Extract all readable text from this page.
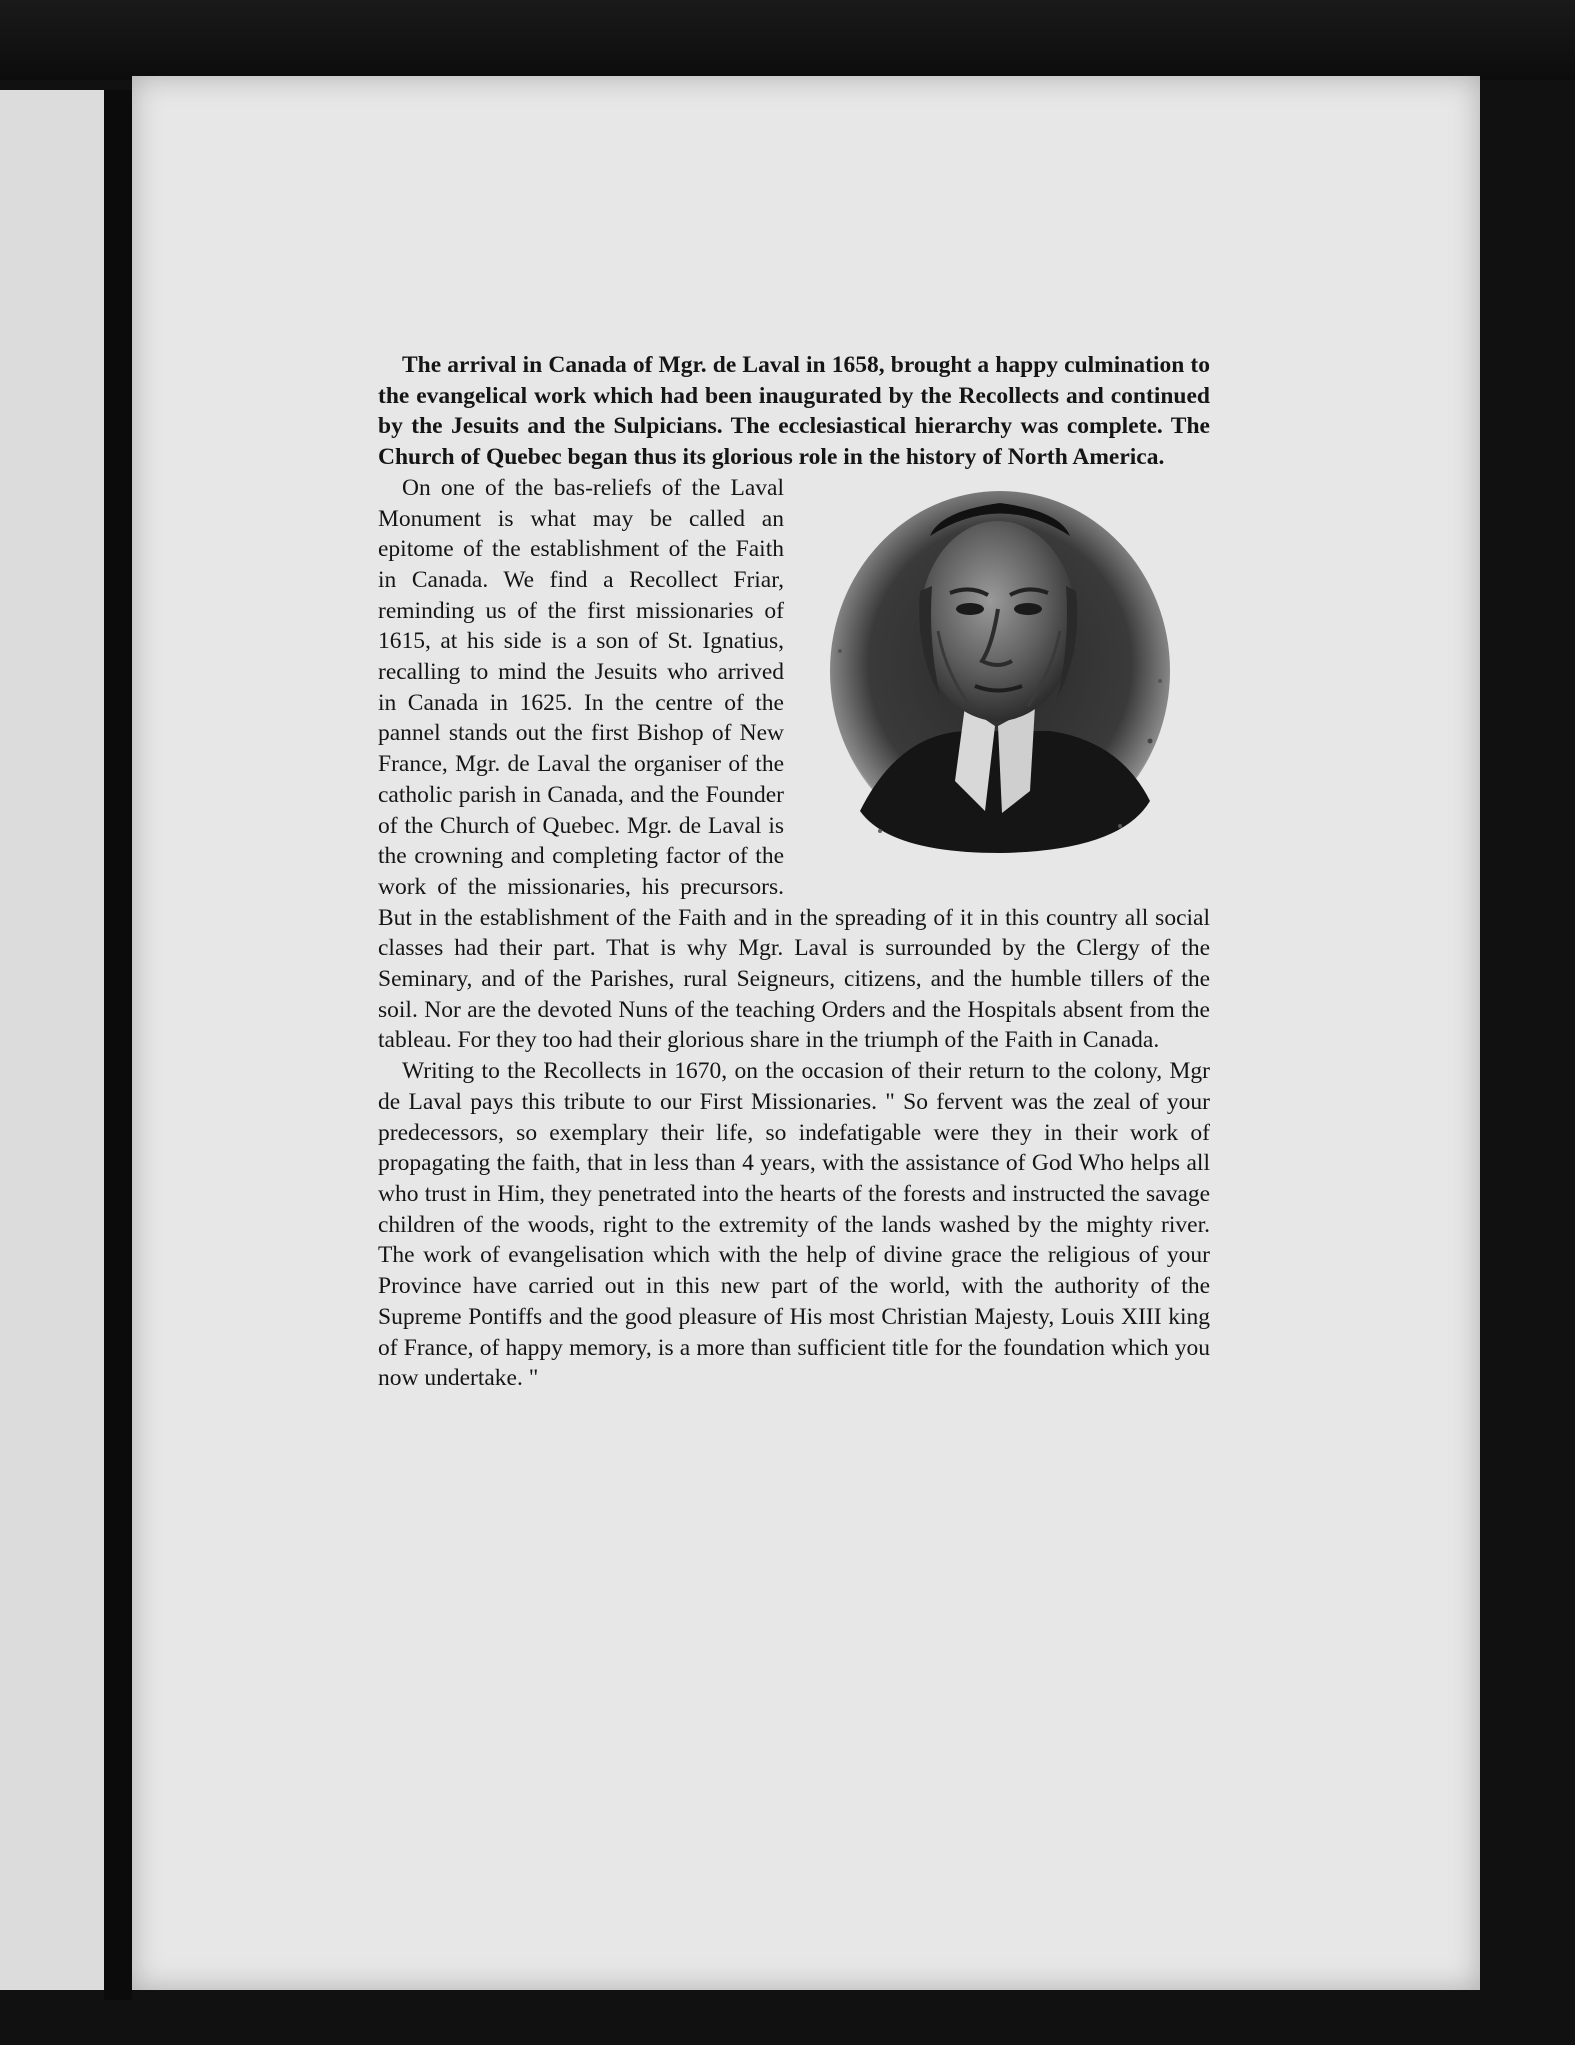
The arrival in Canada of Mgr. de Laval in 1658, brought a happy culmination to the evangelical work which had been inaugurated by the Recollects and continued by the Jesuits and the Sulpicians. The ecclesiastical hierarchy was complete. The Church of Quebec began thus its glorious role in the history of North America.

On one of the bas-reliefs of the Laval Monument is what may be called an epitome of the establishment of the Faith in Canada. We find a Recollect Friar, reminding us of the first missionaries of 1615, at his side is a son of St. Ignatius, recalling to mind the Jesuits who arrived in Canada in 1625. In the centre of the pannel stands out the first Bishop of New France, Mgr. de Laval the organiser of the catholic parish in Canada, and the Founder of the Church of Quebec. Mgr. de Laval is the crowning and completing factor of the work of the missionaries, his precursors. But in the establishment of the Faith and in the spreading of it in this country all social classes had their part. That is why Mgr. Laval is surrounded by the Clergy of the Seminary, and of the Parishes, rural Seigneurs, citizens, and the humble tillers of the soil. Nor are the devoted Nuns of the teaching Orders and the Hospitals absent from the tableau. For they too had their glorious share in the triumph of the Faith in Canada.

Writing to the Recollects in 1670, on the occasion of their return to the colony, Mgr de Laval pays this tribute to our First Missionaries. " So fervent was the zeal of your predecessors, so exemplary their life, so indefatigable were they in their work of propagating the faith, that in less than 4 years, with the assistance of God Who helps all who trust in Him, they penetrated into the hearts of the forests and instructed the savage children of the woods, right to the extremity of the lands washed by the mighty river. The work of evangelisation which with the help of divine grace the religious of your Province have carried out in this new part of the world, with the authority of the Supreme Pontiffs and the good pleasure of His most Christian Majesty, Louis XIII king of France, of happy memory, is a more than sufficient title for the foundation which you now undertake. "
